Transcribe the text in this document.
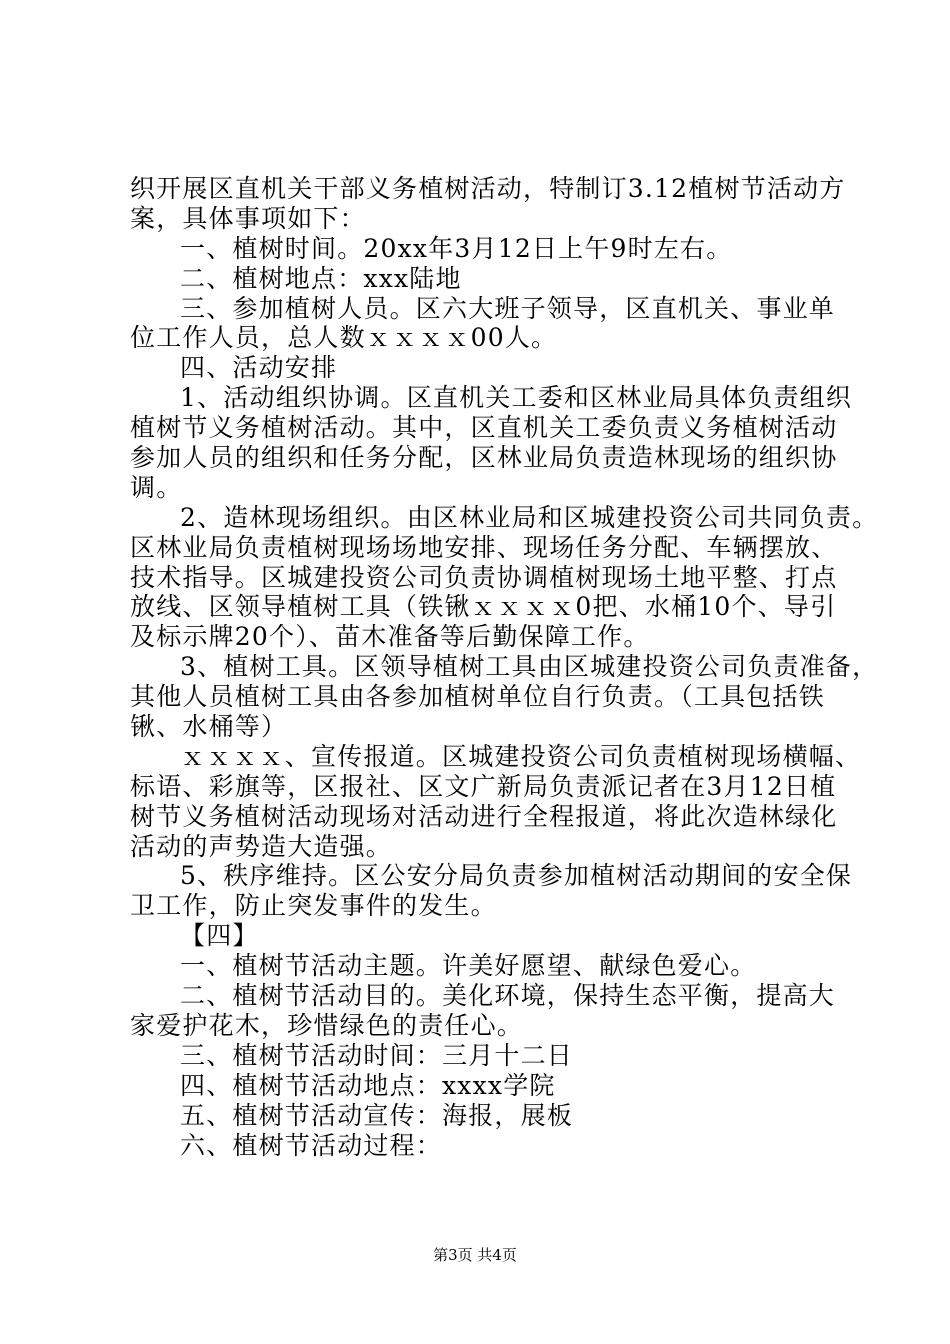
织开展区直机关干部义务植树活动，特制订3.12植树节活动方
案，具体事项如下：
一、植树时间。20xx年3月12日上午9时左右。
二、植树地点：xxx陆地
三、参加植树人员。区六大班子领导，区直机关、事业单
位工作人员，总人数ｘｘｘｘ00人。
四、活动安排
1、活动组织协调。区直机关工委和区林业局具体负责组织
植树节义务植树活动。其中，区直机关工委负责义务植树活动
参加人员的组织和任务分配，区林业局负责造林现场的组织协
调。
2、造林现场组织。由区林业局和区城建投资公司共同负责。
区林业局负责植树现场场地安排、现场任务分配、车辆摆放、
技术指导。区城建投资公司负责协调植树现场土地平整、打点
放线、区领导植树工具（铁锹ｘｘｘｘ0把、水桶10个、导引
及标示牌20个）、苗木准备等后勤保障工作。
3、植树工具。区领导植树工具由区城建投资公司负责准备，
其他人员植树工具由各参加植树单位自行负责。（工具包括铁
锹、水桶等）
ｘｘｘｘ、宣传报道。区城建投资公司负责植树现场横幅、
标语、彩旗等，区报社、区文广新局负责派记者在3月12日植
树节义务植树活动现场对活动进行全程报道，将此次造林绿化
活动的声势造大造强。
5、秩序维持。区公安分局负责参加植树活动期间的安全保
卫工作，防止突发事件的发生。
【四】
一、植树节活动主题。许美好愿望、献绿色爱心。
二、植树节活动目的。美化环境，保持生态平衡，提高大
家爱护花木，珍惜绿色的责任心。
三、植树节活动时间：三月十二日
四、植树节活动地点：xxxx学院
五、植树节活动宣传：海报，展板
六、植树节活动过程：
第3页 共4页
